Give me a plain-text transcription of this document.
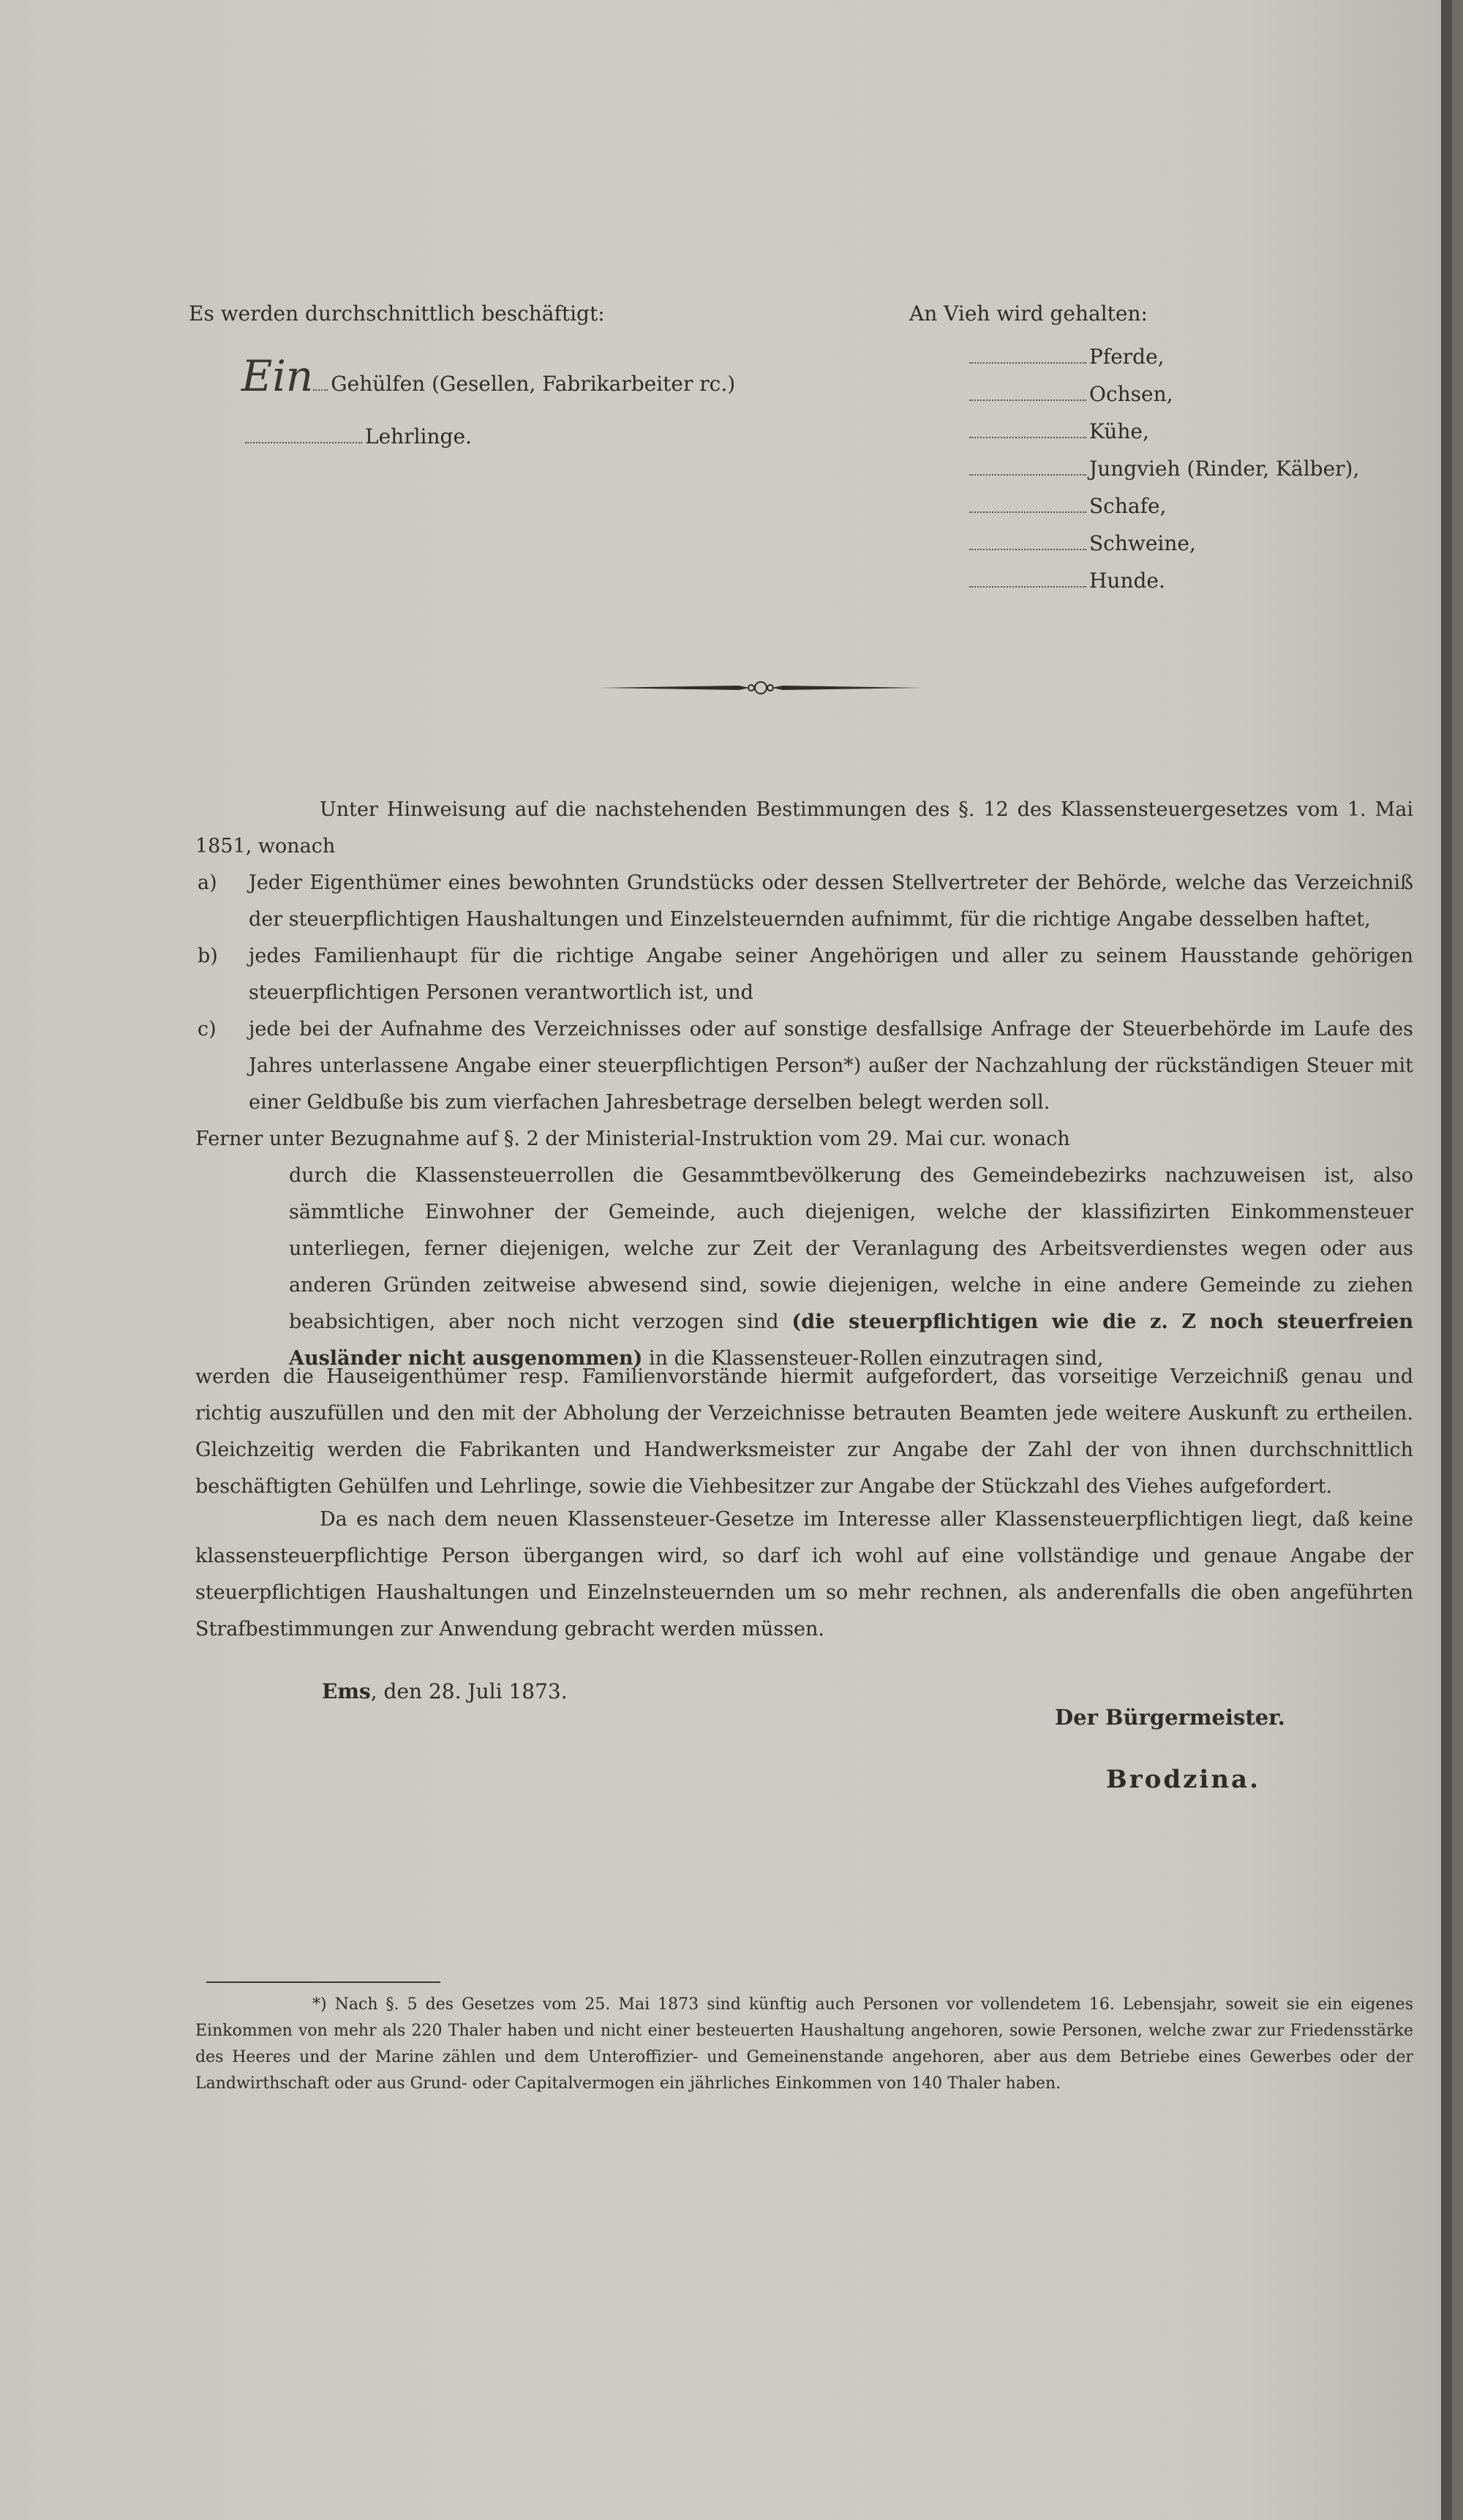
Es werden durchschnittlich beschäftigt:
Ein Gehülfen (Gesellen, Fabrikarbeiter rc.)
Lehrlinge.
An Vieh wird gehalten:
Pferde,
Ochsen,
Kühe,
Jungvieh (Rinder, Kälber),
Schafe,
Schweine,
Hunde.
Unter Hinweisung auf die nachstehenden Bestimmungen des §. 12 des Klassensteuergesetzes vom 1. Mai 1851, wonach
a) Jeder Eigenthümer eines bewohnten Grundstücks oder dessen Stellvertreter der Behörde, welche das Verzeichniß der steuerpflichtigen Haushaltungen und Einzelsteuernden aufnimmt, für die richtige Angabe desselben haftet,
b) jedes Familienhaupt für die richtige Angabe seiner Angehörigen und aller zu seinem Hausstande gehörigen steuerpflichtigen Personen verantwortlich ist, und
c) jede bei der Aufnahme des Verzeichnisses oder auf sonstige desfallsige Anfrage der Steuerbehörde im Laufe des Jahres unterlassene Angabe einer steuerpflichtigen Person*) außer der Nachzahlung der rückständigen Steuer mit einer Geldbuße bis zum vierfachen Jahresbetrage derselben belegt werden soll.
Ferner unter Bezugnahme auf §. 2 der Ministerial-Instruktion vom 29. Mai cur. wonach
durch die Klassensteuerrollen die Gesammtbevölkerung des Gemeindebezirks nachzuweisen ist, also sämmtliche Einwohner der Gemeinde, auch diejenigen, welche der klassifizirten Einkommensteuer unterliegen, ferner diejenigen, welche zur Zeit der Veranlagung des Arbeitsverdienstes wegen oder aus anderen Gründen zeitweise abwesend sind, sowie diejenigen, welche in eine andere Gemeinde zu ziehen beabsichtigen, aber noch nicht verzogen sind (die steuerpflichtigen wie die z. Z noch steuerfreien Ausländer nicht ausgenommen) in die Klassensteuer-Rollen einzutragen sind,
werden die Hauseigenthümer resp. Familienvorstände hiermit aufgefordert, das vorseitige Verzeichniß genau und richtig auszufüllen und den mit der Abholung der Verzeichnisse betrauten Beamten jede weitere Auskunft zu ertheilen. Gleichzeitig werden die Fabrikanten und Handwerksmeister zur Angabe der Zahl der von ihnen durchschnittlich beschäftigten Gehülfen und Lehrlinge, sowie die Viehbesitzer zur Angabe der Stückzahl des Viehes aufgefordert.
Da es nach dem neuen Klassensteuer-Gesetze im Interesse aller Klassensteuerpflichtigen liegt, daß keine klassensteuerpflichtige Person übergangen wird, so darf ich wohl auf eine vollständige und genaue Angabe der steuerpflichtigen Haushaltungen und Einzelnsteuernden um so mehr rechnen, als anderenfalls die oben angeführten Strafbestimmungen zur Anwendung gebracht werden müssen.
Ems, den 28. Juli 1873.
Der Bürgermeister.
Brodzina.
*) Nach §. 5 des Gesetzes vom 25. Mai 1873 sind künftig auch Personen vor vollendetem 16. Lebensjahr, soweit sie ein eigenes Einkommen von mehr als 220 Thaler haben und nicht einer besteuerten Haushaltung angehoren, sowie Personen, welche zwar zur Friedensstärke des Heeres und der Marine zählen und dem Unteroffizier- und Gemeinenstande angehoren, aber aus dem Betriebe eines Gewerbes oder der Landwirthschaft oder aus Grund- oder Capitalvermogen ein jährliches Einkommen von 140 Thaler haben.
